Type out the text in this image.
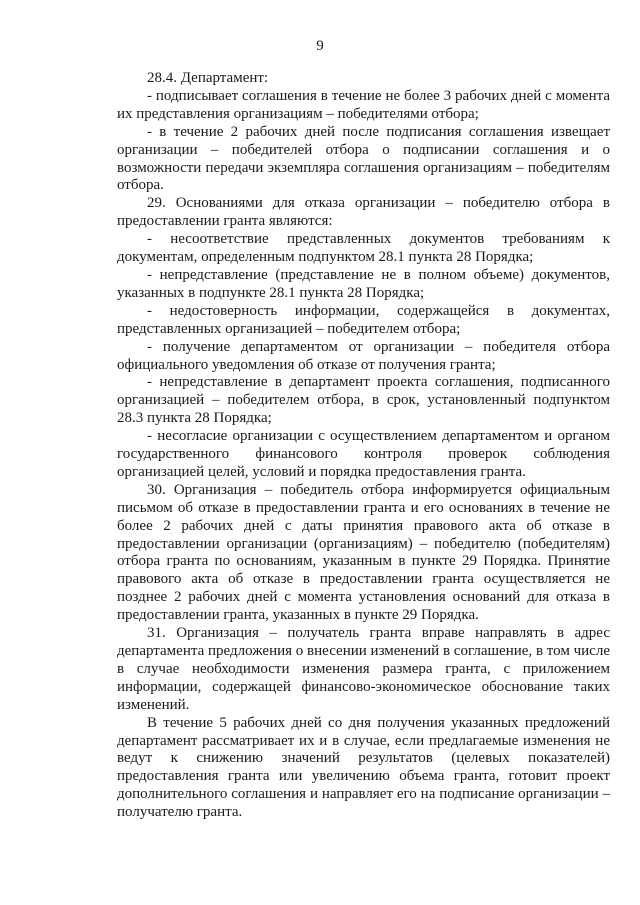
9

28.4. Департамент:

- подписывает соглашения в течение не более 3 рабочих дней с момента их представления организациям – победителями отбора;

- в течение 2 рабочих дней после подписания соглашения извещает организации – победителей отбора о подписании соглашения и о возможности передачи экземпляра соглашения организациям – победителям отбора.

29. Основаниями для отказа организации – победителю отбора в предоставлении гранта являются:

- несоответствие представленных документов требованиям к документам, определенным подпунктом 28.1 пункта 28 Порядка;

- непредставление (представление не в полном объеме) документов, указанных в подпункте 28.1 пункта 28 Порядка;

- недостоверность информации, содержащейся в документах, представленных организацией – победителем отбора;

- получение департаментом от организации – победителя отбора официального уведомления об отказе от получения гранта;

- непредставление в департамент проекта соглашения, подписанного организацией – победителем отбора, в срок, установленный подпунктом 28.3 пункта 28 Порядка;

- несогласие организации с осуществлением департаментом и органом государственного финансового контроля проверок соблюдения организацией целей, условий и порядка предоставления гранта.

30. Организация – победитель отбора информируется официальным письмом об отказе в предоставлении гранта и его основаниях в течение не более 2 рабочих дней с даты принятия правового акта об отказе в предоставлении организации (организациям) – победителю (победителям) отбора гранта по основаниям, указанным в пункте 29 Порядка. Принятие правового акта об отказе в предоставлении гранта осуществляется не позднее 2 рабочих дней с момента установления оснований для отказа в предоставлении гранта, указанных в пункте 29 Порядка.

31. Организация – получатель гранта вправе направлять в адрес департамента предложения о внесении изменений в соглашение, в том числе в случае необходимости изменения размера гранта, с приложением информации, содержащей финансово-экономическое обоснование таких изменений.

В течение 5 рабочих дней со дня получения указанных предложений департамент рассматривает их и в случае, если предлагаемые изменения не ведут к снижению значений результатов (целевых показателей) предоставления гранта или увеличению объема гранта, готовит проект дополнительного соглашения и направляет его на подписание организации – получателю гранта.
